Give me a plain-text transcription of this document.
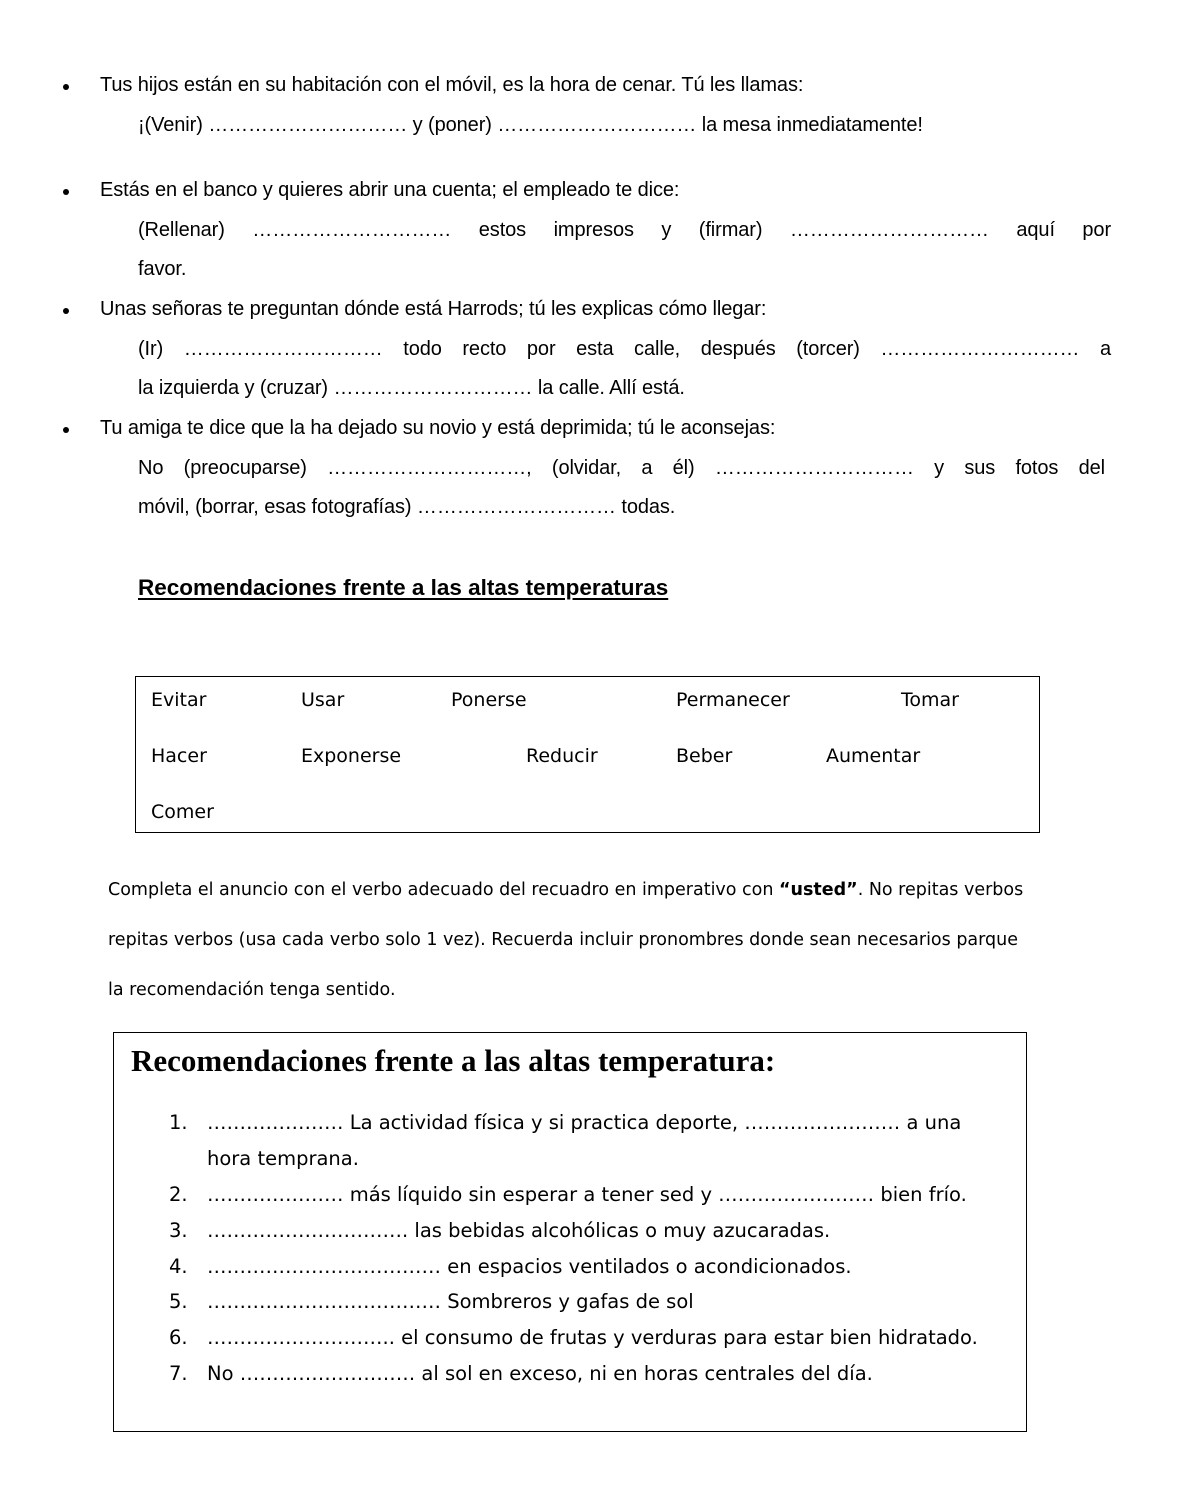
Tus hijos están en su habitación con el móvil, es la hora de cenar. Tú les llamas:
¡(Venir) ………………………… y (poner) ………………………… la mesa inmediatamente!
Estás en el banco y quieres abrir una cuenta; el empleado te dice:
(Rellenar) ………………………… estos impresos y (firmar) ………………………… aquí por
favor.
Unas señoras te preguntan dónde está Harrods; tú les explicas cómo llegar:
(Ir) ………………………… todo recto por esta calle, después (torcer) ………………………… a
la izquierda y (cruzar) ………………………… la calle. Allí está.
Tu amiga te dice que la ha dejado su novio y está deprimida; tú le aconsejas:
No (preocuparse) …………………………, (olvidar, a él) ………………………… y sus fotos del
móvil, (borrar, esas fotografías) ………………………… todas.
Recomendaciones frente a las altas temperaturas
Evitar	Usar	Ponerse	Permanecer	Tomar
Hacer	Exponerse	Reducir	Beber	Aumentar
Comer
Completa el anuncio con el verbo adecuado del recuadro en imperativo con “usted”. No repitas verbos
repitas verbos (usa cada verbo solo 1 vez). Recuerda incluir pronombres donde sean necesarios parque
la recomendación tenga sentido.
Recomendaciones frente a las altas temperatura:
1. ………………… La actividad física y si practica deporte, …………………… a una
hora temprana.
2. ………………… más líquido sin esperar a tener sed y …………………… bien frío.
3. …………………………. las bebidas alcohólicas o muy azucaradas.
4. ……………………………… en espacios ventilados o acondicionados.
5. ……………………………… Sombreros y gafas de sol
6. ……………………….. el consumo de frutas y verduras para estar bien hidratado.
7. No ……………………… al sol en exceso, ni en horas centrales del día.
